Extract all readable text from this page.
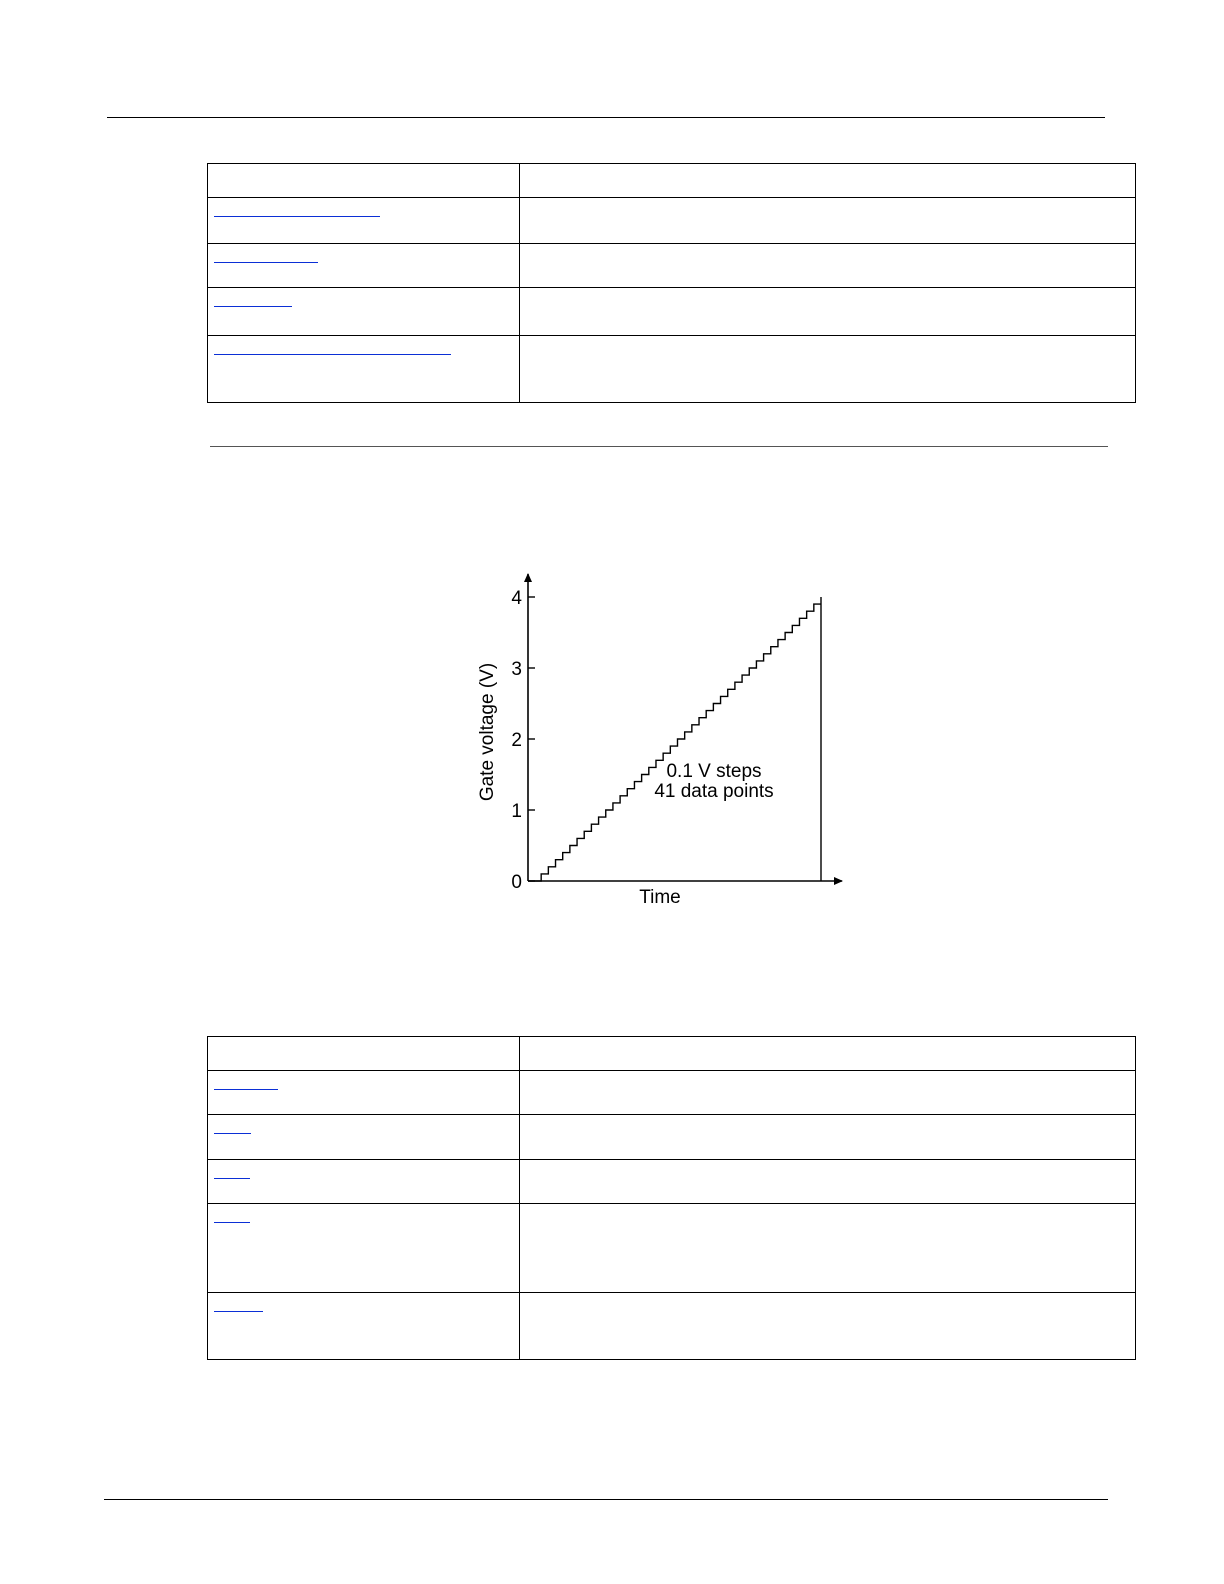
0
1
2
3
4
Gate voltage (V)
Time
0.1 V steps
41 data points
